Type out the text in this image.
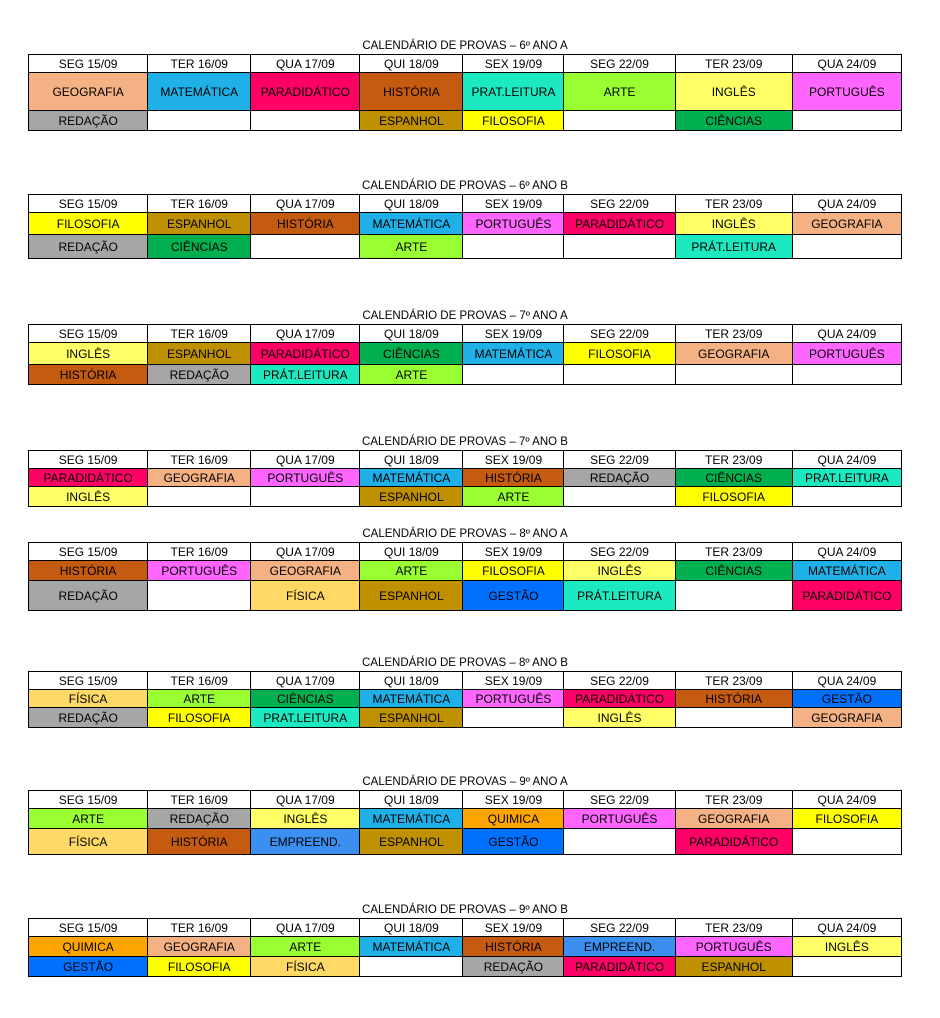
CALENDÁRIO DE PROVAS – 6º ANO A
SEG 15/09	TER 16/09	QUA 17/09	QUI 18/09	SEX 19/09	SEG 22/09	TER 23/09	QUA 24/09
GEOGRAFIA	MATEMÁTICA	PARADIDÁTICO	HISTÓRIA	PRAT.LEITURA	ARTE	INGLÊS	PORTUGUÊS
REDAÇÃO			ESPANHOL	FILOSOFIA		CIÊNCIAS	
CALENDÁRIO DE PROVAS – 6º ANO B
SEG 15/09	TER 16/09	QUA 17/09	QUI 18/09	SEX 19/09	SEG 22/09	TER 23/09	QUA 24/09
FILOSOFIA	ESPANHOL	HISTÓRIA	MATEMÁTICA	PORTUGUÊS	PARADIDÁTICO	INGLÊS	GEOGRAFIA
REDAÇÃO	CIÊNCIAS		ARTE			PRÁT.LEITURA	
CALENDÁRIO DE PROVAS – 7º ANO A
SEG 15/09	TER 16/09	QUA 17/09	QUI 18/09	SEX 19/09	SEG 22/09	TER 23/09	QUA 24/09
INGLÊS	ESPANHOL	PARADIDÁTICO	CIÊNCIAS	MATEMÁTICA	FILOSOFIA	GEOGRAFIA	PORTUGUÊS
HISTÓRIA	REDAÇÃO	PRÁT.LEITURA	ARTE				
CALENDÁRIO DE PROVAS – 7º ANO B
SEG 15/09	TER 16/09	QUA 17/09	QUI 18/09	SEX 19/09	SEG 22/09	TER 23/09	QUA 24/09
PARADIDÁTICO	GEOGRAFIA	PORTUGUÊS	MATEMÁTICA	HISTÓRIA	REDAÇÃO	CIÊNCIAS	PRAT.LEITURA
INGLÊS			ESPANHOL	ARTE		FILOSOFIA	
CALENDÁRIO DE PROVAS – 8º ANO A
SEG 15/09	TER 16/09	QUA 17/09	QUI 18/09	SEX 19/09	SEG 22/09	TER 23/09	QUA 24/09
HISTÓRIA	PORTUGUÊS	GEOGRAFIA	ARTE	FILOSOFIA	INGLÊS	CIÊNCIAS	MATEMÁTICA
REDAÇÃO		FÍSICA	ESPANHOL	GESTÃO	PRÁT.LEITURA		PARADIDÁTICO
CALENDÁRIO DE PROVAS – 8º ANO B
SEG 15/09	TER 16/09	QUA 17/09	QUI 18/09	SEX 19/09	SEG 22/09	TER 23/09	QUA 24/09
FÍSICA	ARTE	CIÊNCIAS	MATEMÁTICA	PORTUGUÊS	PARADIDÁTICO	HISTÓRIA	GESTÃO
REDAÇÃO	FILOSOFIA	PRAT.LEITURA	ESPANHOL		INGLÊS		GEOGRAFIA
CALENDÁRIO DE PROVAS – 9º ANO A
SEG 15/09	TER 16/09	QUA 17/09	QUI 18/09	SEX 19/09	SEG 22/09	TER 23/09	QUA 24/09
ARTE	REDAÇÃO	INGLÊS	MATEMÁTICA	QUIMICA	PORTUGUÊS	GEOGRAFIA	FILOSOFIA
FÍSICA	HISTÓRIA	EMPREEND.	ESPANHOL	GESTÃO		PARADIDÁTICO	
CALENDÁRIO DE PROVAS – 9º ANO B
SEG 15/09	TER 16/09	QUA 17/09	QUI 18/09	SEX 19/09	SEG 22/09	TER 23/09	QUA 24/09
QUIMICA	GEOGRAFIA	ARTE	MATEMÁTICA	HISTÓRIA	EMPREEND.	PORTUGUÊS	INGLÊS
GESTÃO	FILOSOFIA	FÍSICA		REDAÇÃO	PARADIDÁTICO	ESPANHOL	
